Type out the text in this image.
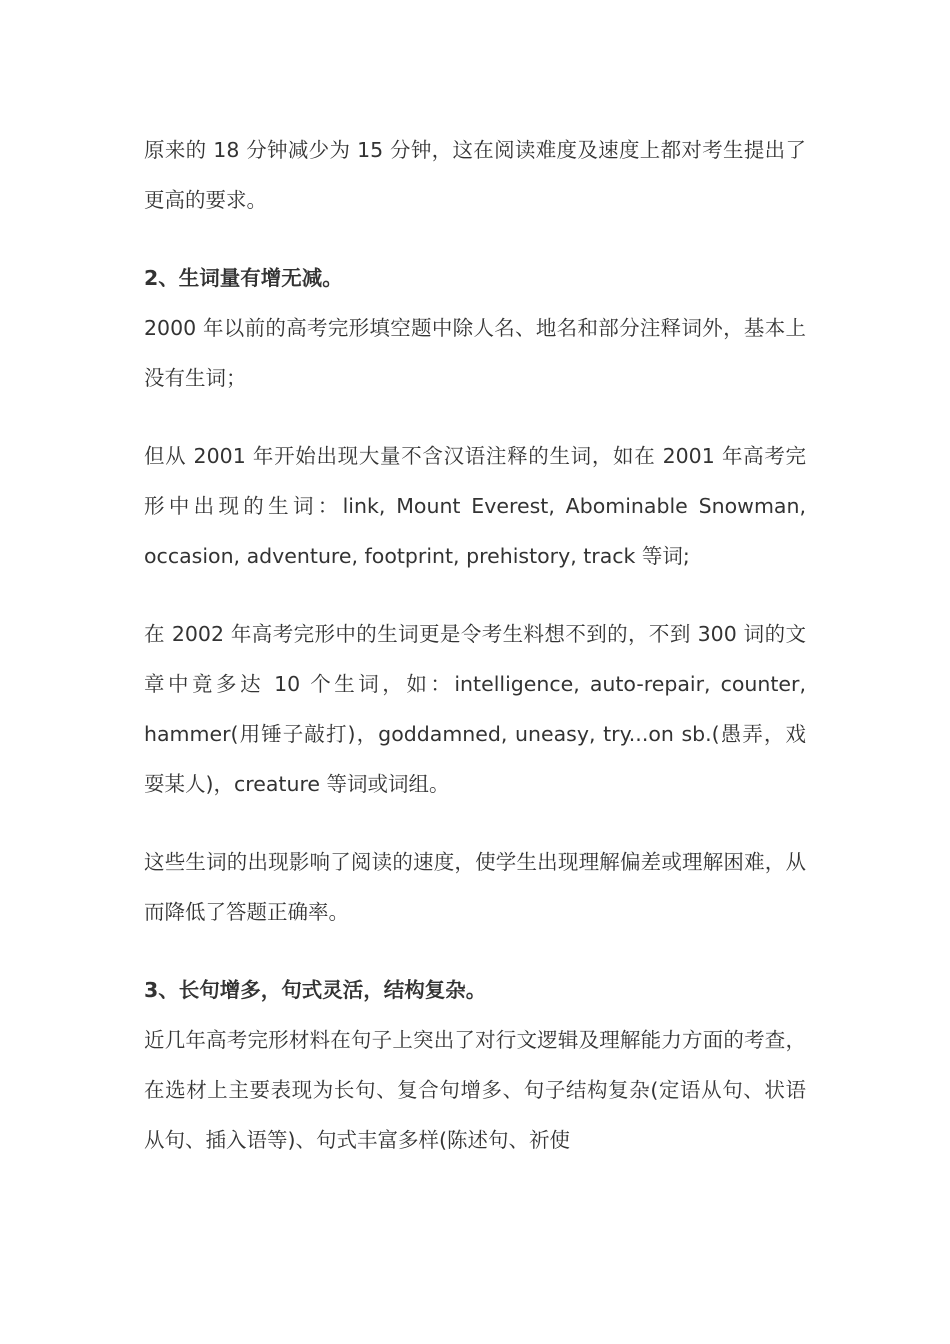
原来的 18 分钟减少为 15 分钟，这在阅读难度及速度上都对考生提出了更高的要求。

2、生词量有增无减。

2000 年以前的高考完形填空题中除人名、地名和部分注释词外，基本上没有生词；

但从 2001 年开始出现大量不含汉语注释的生词，如在 2001 年高考完形中出现的生词：link, Mount Everest, Abominable Snowman, occasion, adventure, footprint, prehistory, track 等词;

在 2002 年高考完形中的生词更是令考生料想不到的，不到 300 词的文章中竟多达 10 个生词，如：intelligence, auto-repair, counter, hammer(用锤子敲打)，goddamned, uneasy, try...on sb.(愚弄，戏耍某人)，creature 等词或词组。

这些生词的出现影响了阅读的速度，使学生出现理解偏差或理解困难，从而降低了答题正确率。

3、长句增多，句式灵活，结构复杂。

近几年高考完形材料在句子上突出了对行文逻辑及理解能力方面的考查，在选材上主要表现为长句、复合句增多、句子结构复杂(定语从句、状语从句、插入语等)、句式丰富多样(陈述句、祈使
